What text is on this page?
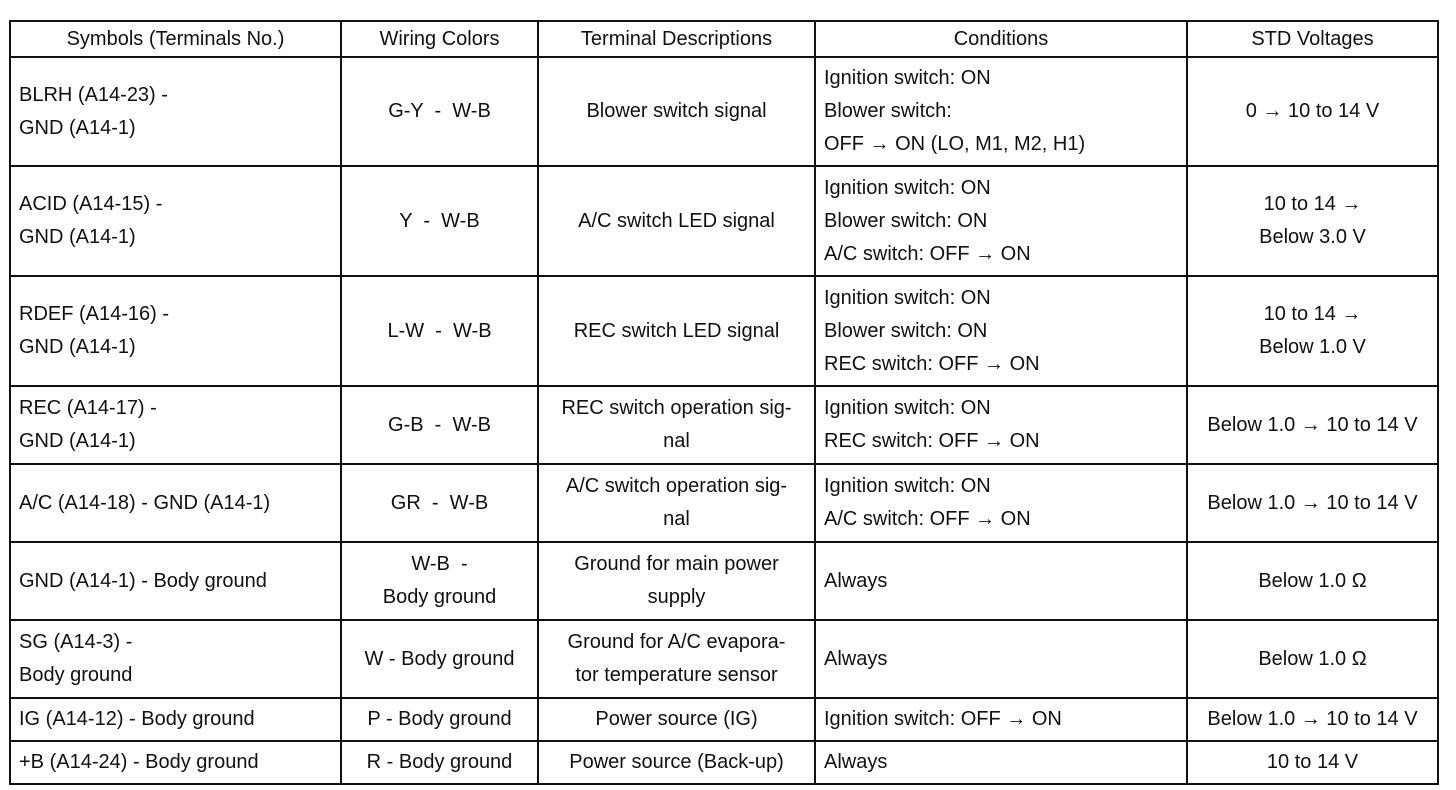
Symbols (Terminals No.)	Wiring Colors	Terminal Descriptions	Conditions	STD Voltages

BLRH (A14-23) -
GND (A14-1)	G-Y  -  W-B	Blower switch signal	Ignition switch: ON
Blower switch:
OFF → ON (LO, M1, M2, H1)	0 → 10 to 14 V

ACID (A14-15) -
GND (A14-1)	Y  -  W-B	A/C switch LED signal	Ignition switch: ON
Blower switch: ON
A/C switch: OFF → ON	10 to 14 →
Below 3.0 V

RDEF (A14-16) -
GND (A14-1)	L-W  -  W-B	REC switch LED signal	Ignition switch: ON
Blower switch: ON
REC switch: OFF → ON	10 to 14 →
Below 1.0 V

REC (A14-17) -
GND (A14-1)	G-B  -  W-B	REC switch operation sig-
nal	Ignition switch: ON
REC switch: OFF → ON	Below 1.0 → 10 to 14 V

A/C (A14-18) - GND (A14-1)	GR  -  W-B	A/C switch operation sig-
nal	Ignition switch: ON
A/C switch: OFF → ON	Below 1.0 → 10 to 14 V

GND (A14-1) - Body ground	W-B  -
Body ground	Ground for main power
supply	Always	Below 1.0 Ω

SG (A14-3) -
Body ground	W - Body ground	Ground for A/C evapora-
tor temperature sensor	Always	Below 1.0 Ω

IG (A14-12) - Body ground	P - Body ground	Power source (IG)	Ignition switch: OFF → ON	Below 1.0 → 10 to 14 V

+B (A14-24) - Body ground	R - Body ground	Power source (Back-up)	Always	10 to 14 V
